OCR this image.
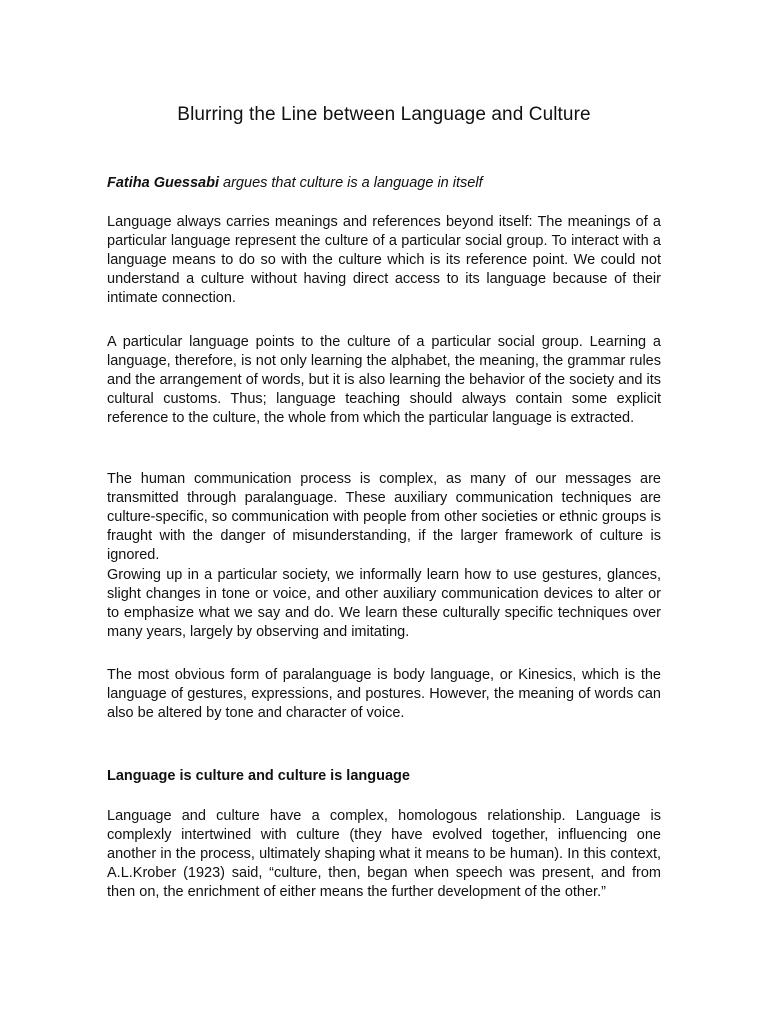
Blurring the Line between Language and Culture

Fatiha Guessabi argues that culture is a language in itself

Language always carries meanings and references beyond itself: The meanings of a particular language represent the culture of a particular social group. To interact with a language means to do so with the culture which is its reference point. We could not understand a culture without having direct access to its language because of their intimate connection.

A particular language points to the culture of a particular social group. Learning a language, therefore, is not only learning the alphabet, the meaning, the grammar rules and the arrangement of words, but it is also learning the behavior of the society and its cultural customs. Thus; language teaching should always contain some explicit reference to the culture, the whole from which the particular language is extracted.

The human communication process is complex, as many of our messages are transmitted through paralanguage. These auxiliary communication techniques are culture-specific, so communication with people from other societies or ethnic groups is fraught with the danger of misunderstanding, if the larger framework of culture is ignored.

Growing up in a particular society, we informally learn how to use gestures, glances, slight changes in tone or voice, and other auxiliary communication devices to alter or to emphasize what we say and do. We learn these culturally specific techniques over many years, largely by observing and imitating.

The most obvious form of paralanguage is body language, or Kinesics, which is the language of gestures, expressions, and postures. However, the meaning of words can also be altered by tone and character of voice.

Language is culture and culture is language

Language and culture have a complex, homologous relationship. Language is complexly intertwined with culture (they have evolved together, influencing one another in the process, ultimately shaping what it means to be human). In this context, A.L.Krober (1923) said, “culture, then, began when speech was present, and from then on, the enrichment of either means the further development of the other.”
